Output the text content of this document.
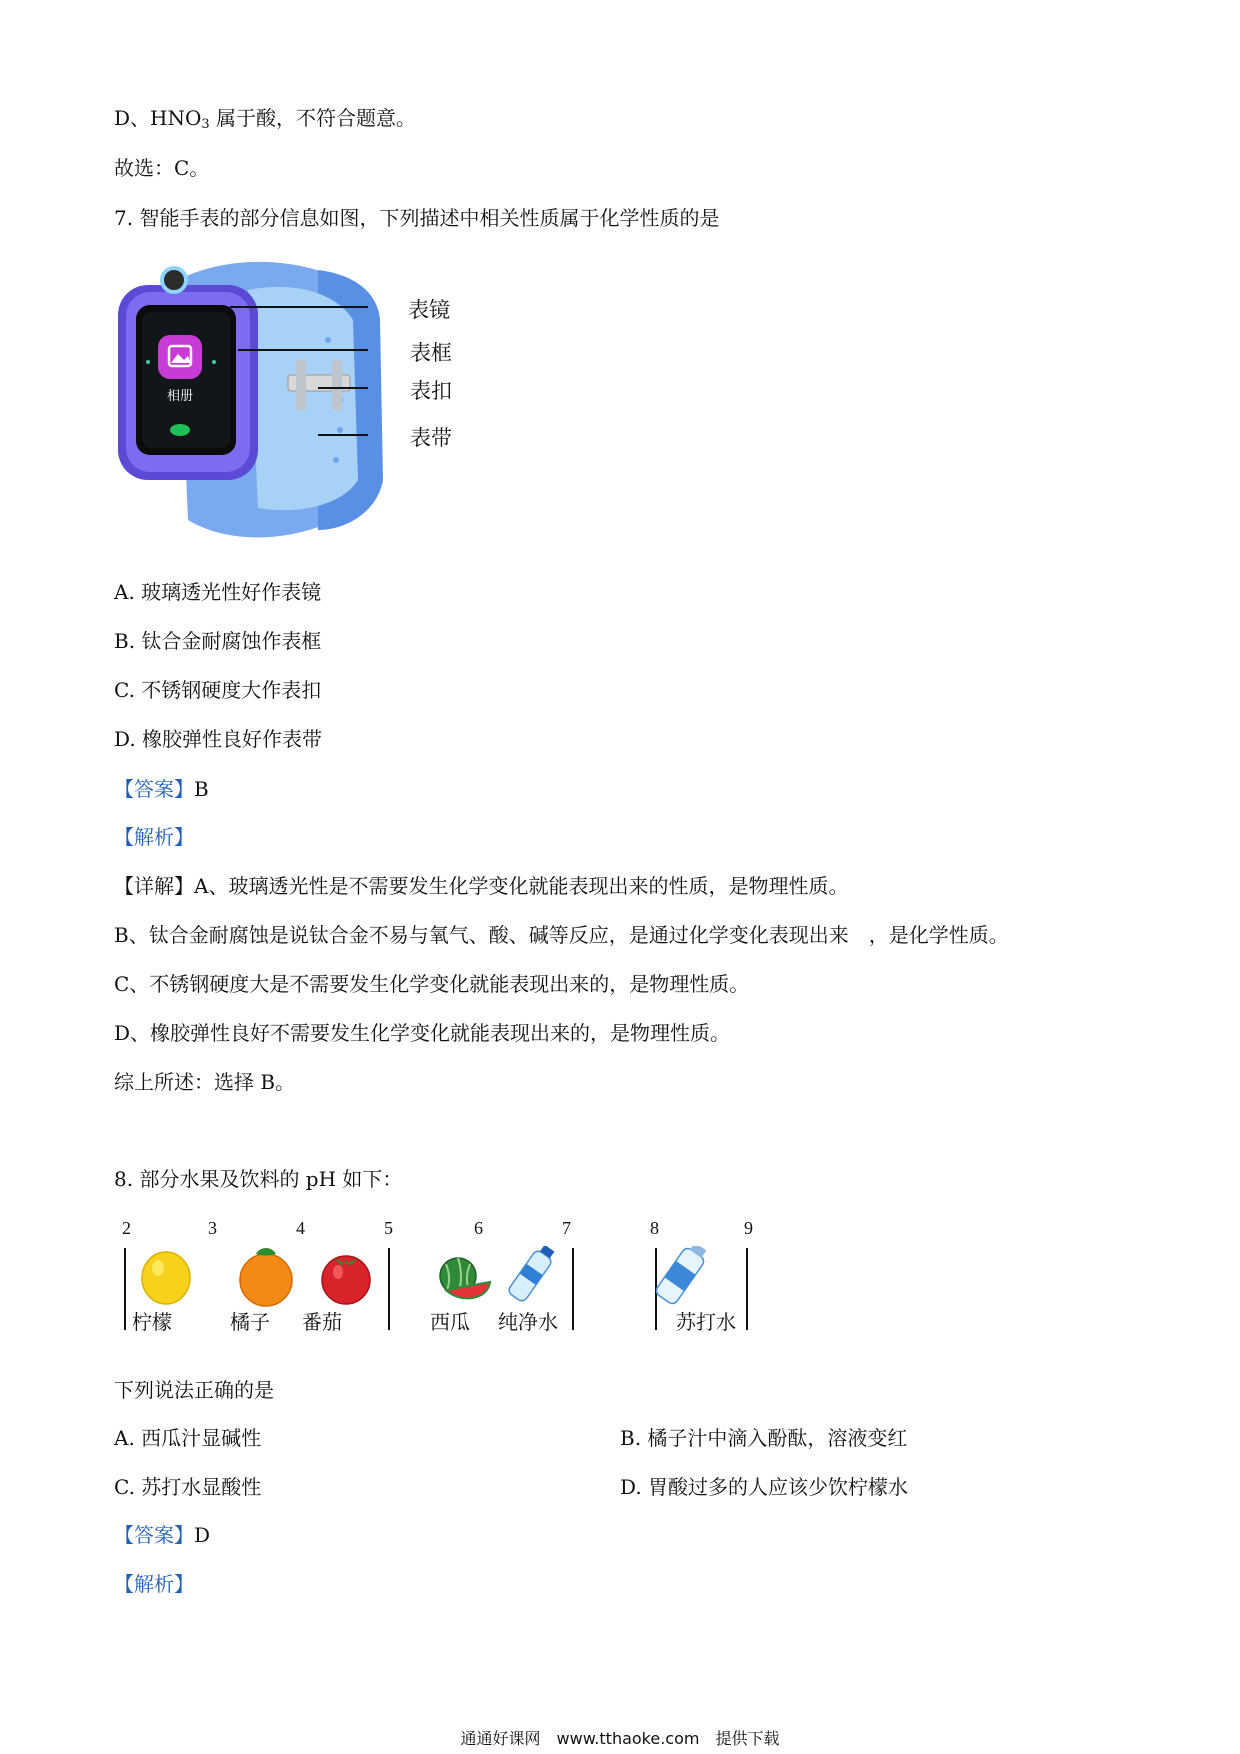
D、$HNO_3$ 属于酸，不符合题意。
故选：C。
7. 智能手表的部分信息如图，下列描述中相关性质属于化学性质的是
相册
表镜
表框
表扣
表带
A. 玻璃透光性好作表镜
B. 钛合金耐腐蚀作表框
C. 不锈钢硬度大作表扣
D. 橡胶弹性良好作表带
【答案】B
【解析】
【详解】A、玻璃透光性是不需要发生化学变化就能表现出来的性质，是物理性质。
B、钛合金耐腐蚀是说钛合金不易与氧气、酸、碱等反应，是通过化学变化表现出来　，是化学性质。
C、不锈钢硬度大是不需要发生化学变化就能表现出来的，是物理性质。
D、橡胶弹性良好不需要发生化学变化就能表现出来的，是物理性质。
综上所述：选择 B。
8. 部分水果及饮料的 pH 如下：
2	3	4	5	6	7	8	9
柠檬	橘子 番茄	西瓜 纯净水	苏打水
下列说法正确的是
A. 西瓜汁显碱性	B. 橘子汁中滴入酚酞，溶液变红
C. 苏打水显酸性	D. 胃酸过多的人应该少饮柠檬水
【答案】D
【解析】
通通好课网　www.tthaoke.com　提供下载
